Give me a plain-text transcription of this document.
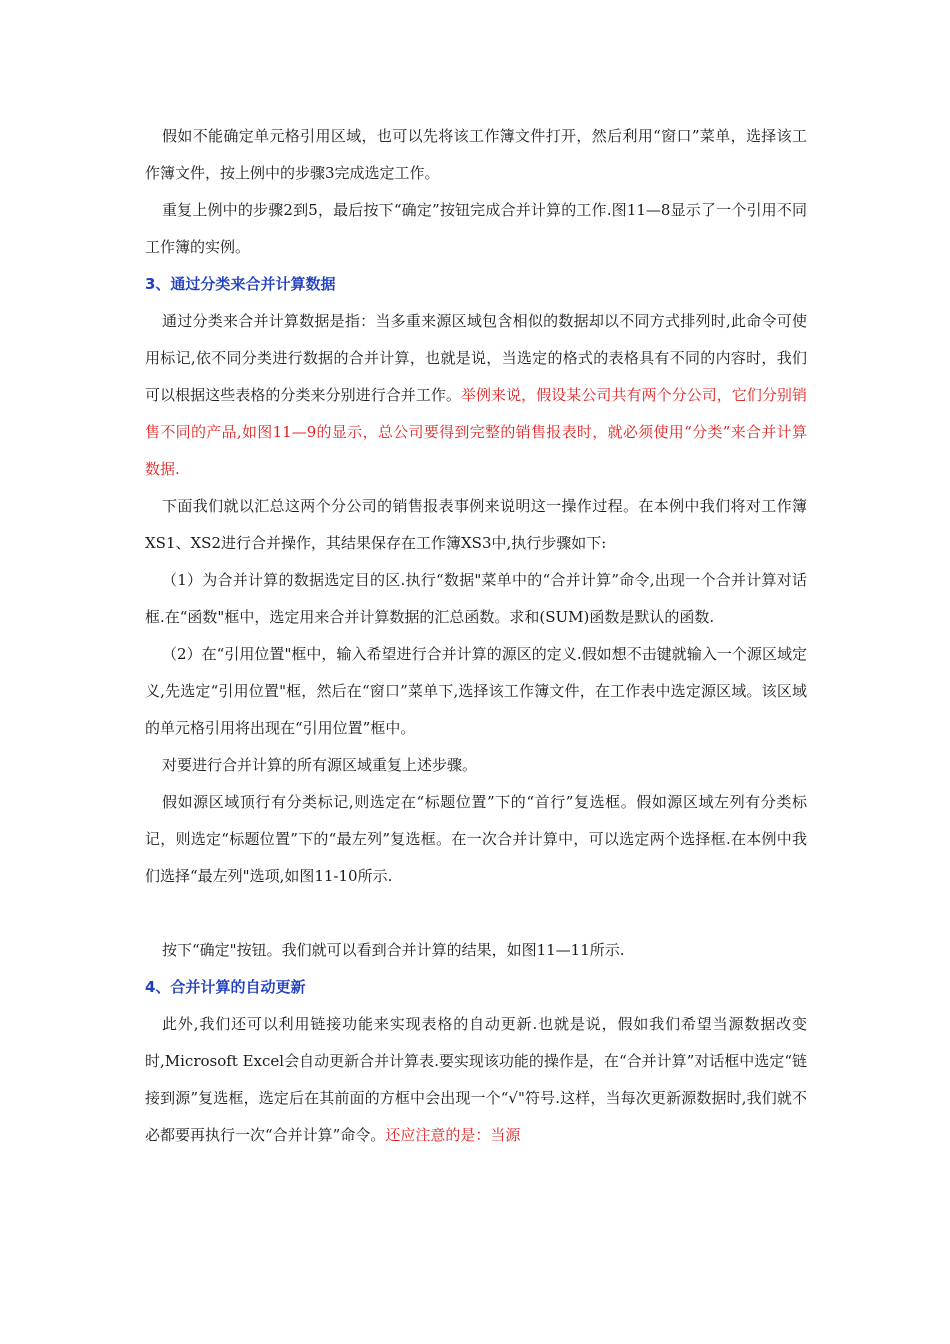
假如不能确定单元格引用区域，也可以先将该工作簿文件打开，然后利用“窗口”菜单，选择该工作簿文件，按上例中的步骤3完成选定工作。

重复上例中的步骤2到5，最后按下“确定”按钮完成合并计算的工作.图11—8显示了一个引用不同工作簿的实例。

3、通过分类来合并计算数据

通过分类来合并计算数据是指：当多重来源区域包含相似的数据却以不同方式排列时,此命令可使用标记,依不同分类进行数据的合并计算，也就是说，当选定的格式的表格具有不同的内容时，我们可以根据这些表格的分类来分别进行合并工作。举例来说，假设某公司共有两个分公司，它们分别销售不同的产品,如图11—9的显示，总公司要得到完整的销售报表时，就必须使用“分类”来合并计算数据.

下面我们就以汇总这两个分公司的销售报表事例来说明这一操作过程。在本例中我们将对工作簿XS1、XS2进行合并操作，其结果保存在工作簿XS3中,执行步骤如下:

（1）为合并计算的数据选定目的区.执行“数据"菜单中的“合并计算”命令,出现一个合并计算对话框.在“函数"框中，选定用来合并计算数据的汇总函数。求和(SUM)函数是默认的函数.

（2）在“引用位置"框中，输入希望进行合并计算的源区的定义.假如想不击键就输入一个源区域定义,先选定“引用位置"框，然后在“窗口”菜单下,选择该工作簿文件，在工作表中选定源区域。该区域的单元格引用将出现在“引用位置”框中。

对要进行合并计算的所有源区域重复上述步骤。

假如源区域顶行有分类标记,则选定在“标题位置”下的“首行”复选框。假如源区域左列有分类标记，则选定“标题位置”下的“最左列”复选框。在一次合并计算中，可以选定两个选择框.在本例中我们选择“最左列"选项,如图11-10所示.

按下“确定"按钮。我们就可以看到合并计算的结果，如图11—11所示.

4、合并计算的自动更新

此外,我们还可以利用链接功能来实现表格的自动更新.也就是说，假如我们希望当源数据改变时,Microsoft Excel会自动更新合并计算表.要实现该功能的操作是，在“合并计算”对话框中选定“链接到源”复选框，选定后在其前面的方框中会出现一个“√"符号.这样，当每次更新源数据时,我们就不必都要再执行一次“合并计算”命令。还应注意的是：当源
